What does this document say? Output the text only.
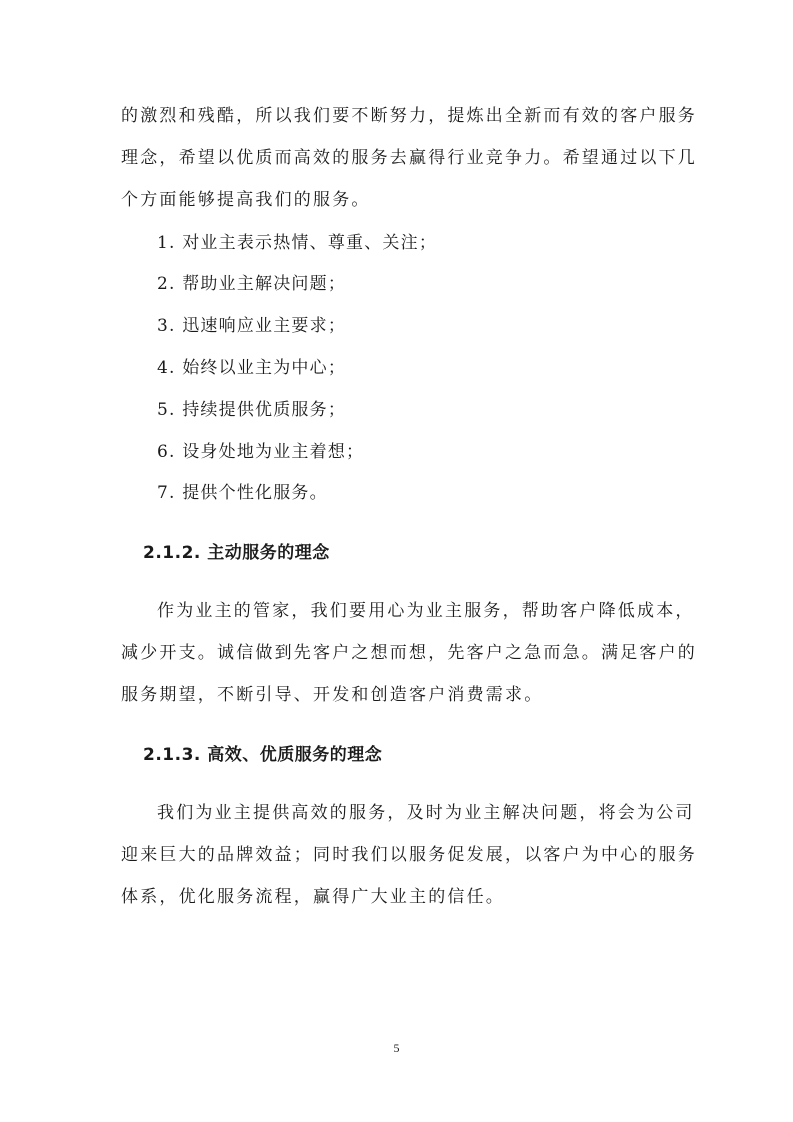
的激烈和残酷，所以我们要不断努力，提炼出全新而有效的客户服务
理念，希望以优质而高效的服务去赢得行业竞争力。希望通过以下几
个方面能够提高我们的服务。
1. 对业主表示热情、尊重、关注；
2. 帮助业主解决问题；
3. 迅速响应业主要求；
4. 始终以业主为中心；
5. 持续提供优质服务；
6. 设身处地为业主着想；
7. 提供个性化服务。
2.1.2. 主动服务的理念
作为业主的管家，我们要用心为业主服务，帮助客户降低成本，
减少开支。诚信做到先客户之想而想，先客户之急而急。满足客户的
服务期望，不断引导、开发和创造客户消费需求。
2.1.3. 高效、优质服务的理念
我们为业主提供高效的服务，及时为业主解决问题，将会为公司
迎来巨大的品牌效益；同时我们以服务促发展，以客户为中心的服务
体系，优化服务流程，赢得广大业主的信任。
5
